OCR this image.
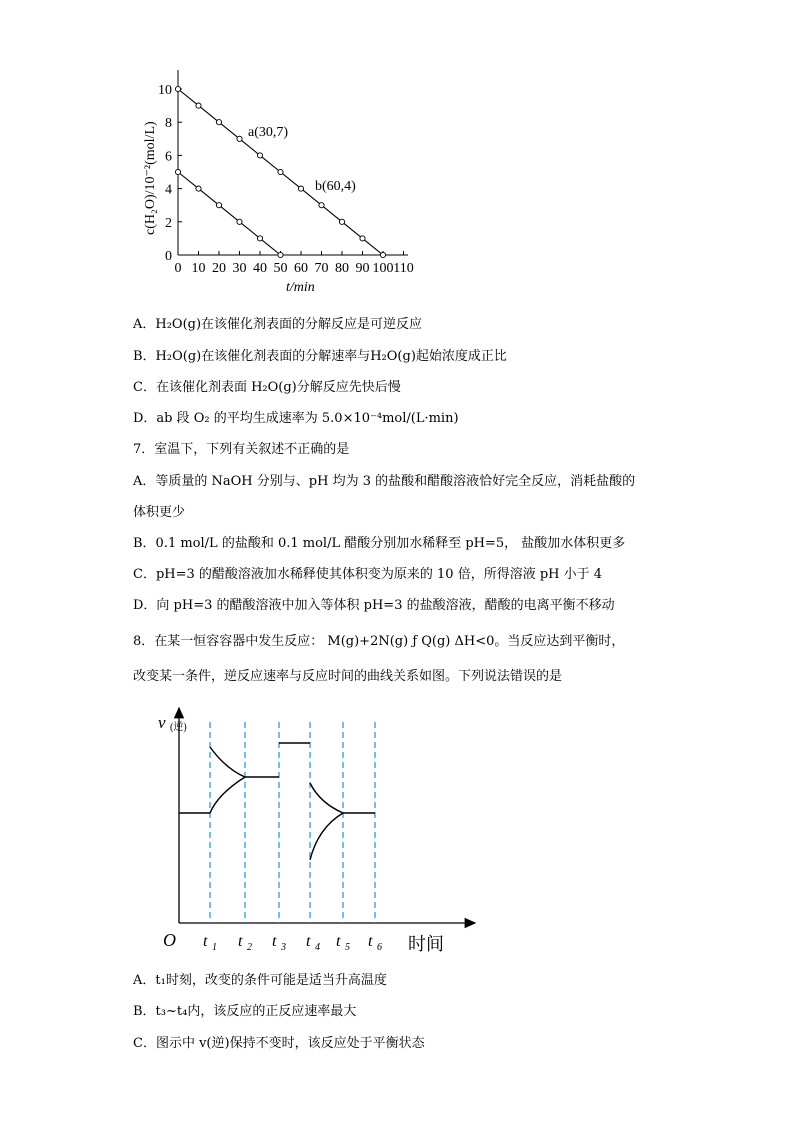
0 10 20 30 40 50 60 70 80 90 100 110
0
2
4
6
8
10
a(30,7)
b(60,4)
c(H₂O)/10⁻²(mol/L)
t/min
A．H₂O(g)在该催化剂表面的分解反应是可逆反应
B．H₂O(g)在该催化剂表面的分解速率与H₂O(g)起始浓度成正比
C．在该催化剂表面 H₂O(g)分解反应先快后慢
D．ab 段 O₂ 的平均生成速率为 5.0×10⁻⁴mol/(L·min)
7．室温下，下列有关叙述不正确的是
A．等质量的 NaOH 分别与、pH 均为 3 的盐酸和醋酸溶液恰好完全反应，消耗盐酸的
体积更少
B．0.1 mol/L 的盐酸和 0.1 mol/L 醋酸分别加水稀释至 pH=5， 盐酸加水体积更多
C．pH=3 的醋酸溶液加水稀释使其体积变为原来的 10 倍，所得溶液 pH 小于 4
D．向 pH=3 的醋酸溶液中加入等体积 pH=3 的盐酸溶液，醋酸的电离平衡不移动
8．在某一恒容容器中发生反应： M(g)+2N(g) ƒ Q(g) ΔH<0。当反应达到平衡时，
改变某一条件，逆反应速率与反应时间的曲线关系如图。下列说法错误的是
v (逆)
O	时间
t 1 t 2 t 3 t 4 t 5 t 6
A．t₁时刻，改变的条件可能是适当升高温度
B．t₃~t₄内，该反应的正反应速率最大
C．图示中 v(逆)保持不变时，该反应处于平衡状态
